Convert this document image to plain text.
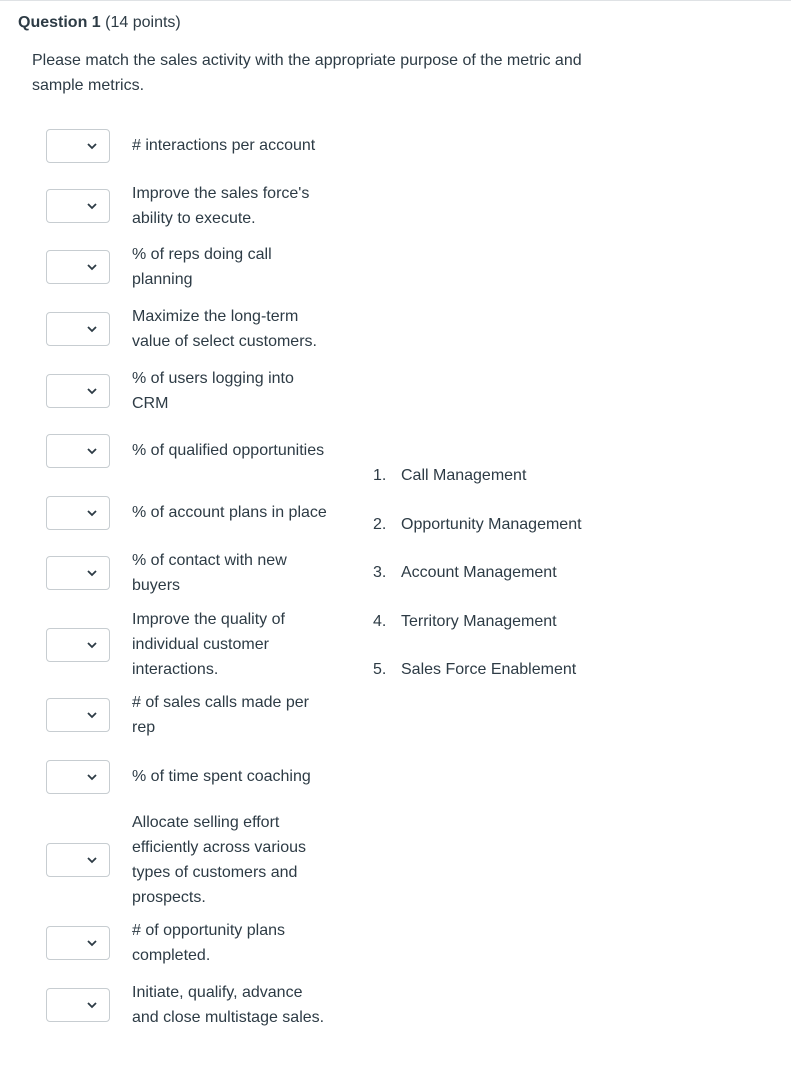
Question 1 (14 points)
Please match the sales activity with the appropriate purpose of the metric and
sample metrics.
# interactions per account
Improve the sales force's
ability to execute.
% of reps doing call
planning
Maximize the long-term
value of select customers.
% of users logging into
CRM
% of qualified opportunities
% of account plans in place
% of contact with new
buyers
Improve the quality of
individual customer
interactions.
# of sales calls made per
rep
% of time spent coaching
Allocate selling effort
efficiently across various
types of customers and
prospects.
# of opportunity plans
completed.
Initiate, qualify, advance
and close multistage sales.
1. Call Management
2. Opportunity Management
3. Account Management
4. Territory Management
5. Sales Force Enablement
